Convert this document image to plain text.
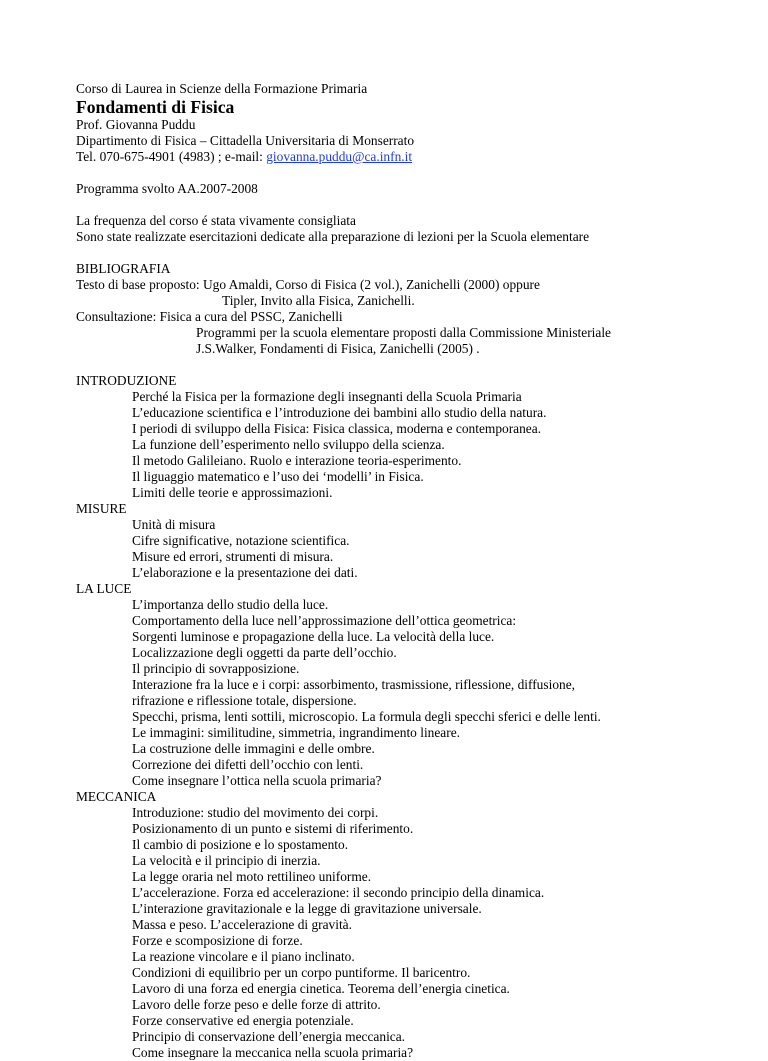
Corso di Laurea in Scienze della Formazione Primaria
Fondamenti di Fisica
Prof. Giovanna Puddu
Dipartimento di Fisica – Cittadella Universitaria di Monserrato
Tel. 070-675-4901 (4983) ; e-mail: giovanna.puddu@ca.infn.it
Programma svolto AA.2007-2008
La frequenza del corso é stata vivamente consigliata
Sono state realizzate esercitazioni dedicate alla preparazione di lezioni per la Scuola elementare
BIBLIOGRAFIA
Testo di base proposto: Ugo Amaldi, Corso di Fisica (2 vol.), Zanichelli (2000) oppure
Tipler, Invito alla Fisica, Zanichelli.
Consultazione: Fisica a cura del PSSC, Zanichelli
Programmi per la scuola elementare proposti dalla Commissione Ministeriale
J.S.Walker, Fondamenti di Fisica, Zanichelli (2005) .
INTRODUZIONE
Perché la Fisica per la formazione degli insegnanti della Scuola Primaria
L’educazione scientifica e l’introduzione dei bambini allo studio della natura.
I periodi di sviluppo della Fisica: Fisica classica, moderna e contemporanea.
La funzione dell’esperimento nello sviluppo della scienza.
Il metodo Galileiano. Ruolo e interazione teoria-esperimento.
Il liguaggio matematico e l’uso dei ‘modelli’ in Fisica.
Limiti delle teorie e approssimazioni.
MISURE
Unità di misura
Cifre significative, notazione scientifica.
Misure ed errori, strumenti di misura.
L’elaborazione e la presentazione dei dati.
LA LUCE
L’importanza dello studio della luce.
Comportamento della luce nell’approssimazione dell’ottica geometrica:
Sorgenti luminose e propagazione della luce. La velocità della luce.
Localizzazione degli oggetti da parte dell’occhio.
Il principio di sovrapposizione.
Interazione fra la luce e i corpi: assorbimento, trasmissione, riflessione, diffusione,
rifrazione e riflessione totale, dispersione.
Specchi, prisma, lenti sottili, microscopio. La formula degli specchi sferici e delle lenti.
Le immagini: similitudine, simmetria, ingrandimento lineare.
La costruzione delle immagini e delle ombre.
Correzione dei difetti dell’occhio con lenti.
Come insegnare l’ottica nella scuola primaria?
MECCANICA
Introduzione: studio del movimento dei corpi.
Posizionamento di un punto e sistemi di riferimento.
Il cambio di posizione e lo spostamento.
La velocità e il principio di inerzia.
La legge oraria nel moto rettilineo uniforme.
L’accelerazione. Forza ed accelerazione: il secondo principio della dinamica.
L’interazione gravitazionale e la legge di gravitazione universale.
Massa e peso. L’accelerazione di gravità.
Forze e scomposizione di forze.
La reazione vincolare e il piano inclinato.
Condizioni di equilibrio per un corpo puntiforme. Il baricentro.
Lavoro di una forza ed energia cinetica. Teorema dell’energia cinetica.
Lavoro delle forze peso e delle forze di attrito.
Forze conservative ed energia potenziale.
Principio di conservazione dell’energia meccanica.
Come insegnare la meccanica nella scuola primaria?
